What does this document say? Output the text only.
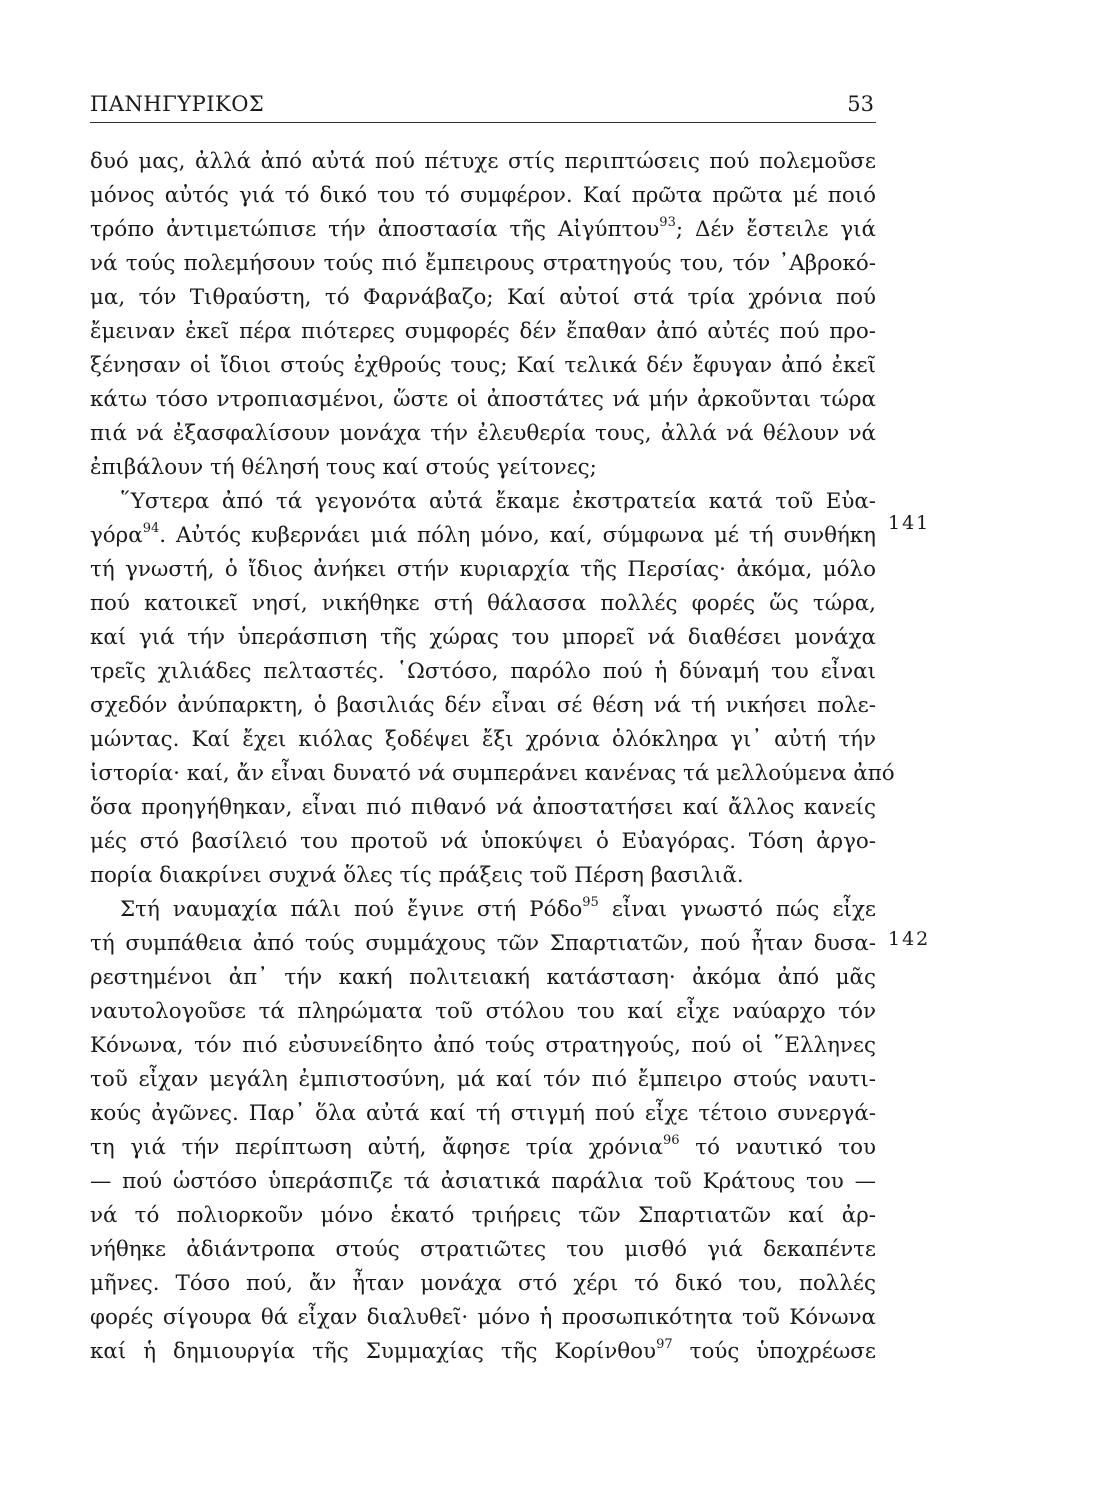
ΠΑΝΗΓΥΡΙΚΟΣ	53
δυό μας, ἀλλά ἀπό αὐτά πού πέτυχε στίς περιπτώσεις πού πολεμοῦσε
μόνος αὐτός γιά τό δικό του τό συμφέρον. Καί πρῶτα πρῶτα μέ ποιό
τρόπο ἀντιμετώπισε τήν ἀποστασία τῆς Αἰγύπτου$^{93}$; Δέν ἔστειλε γιά
νά τούς πολεμήσουν τούς πιό ἔμπειρους στρατηγούς του, τόν ᾿Αβροκό-
μα, τόν Τιθραύστη, τό Φαρνάβαζο; Καί αὐτοί στά τρία χρόνια πού
ἔμειναν ἐκεῖ πέρα πιότερες συμφορές δέν ἔπαθαν ἀπό αὐτές πού προ-
ξένησαν οἱ ἴδιοι στούς ἐχθρούς τους; Καί τελικά δέν ἔφυγαν ἀπό ἐκεῖ
κάτω τόσο ντροπιασμένοι, ὥστε οἱ ἀποστάτες νά μήν ἀρκοῦνται τώρα
πιά νά ἐξασφαλίσουν μονάχα τήν ἐλευθερία τους, ἀλλά νά θέλουν νά
ἐπιβάλουν τή θέλησή τους καί στούς γείτονες;
῞Υστερα ἀπό τά γεγονότα αὐτά ἔκαμε ἐκστρατεία κατά τοῦ Εὐα-
γόρα$^{94}$. Αὐτός κυβερνάει μιά πόλη μόνο, καί, σύμφωνα μέ τή συνθήκη
τή γνωστή, ὁ ἴδιος ἀνήκει στήν κυριαρχία τῆς Περσίας· ἀκόμα, μόλο
πού κατοικεῖ νησί, νικήθηκε στή θάλασσα πολλές φορές ὥς τώρα,
καί γιά τήν ὑπεράσπιση τῆς χώρας του μπορεῖ νά διαθέσει μονάχα
τρεῖς χιλιάδες πελταστές. ῾Ωστόσο, παρόλο πού ἡ δύναμή του εἶναι
σχεδόν ἀνύπαρκτη, ὁ βασιλιάς δέν εἶναι σέ θέση νά τή νικήσει πολε-
μώντας. Καί ἔχει κιόλας ξοδέψει ἔξι χρόνια ὁλόκληρα γι᾿ αὐτή τήν
ἱστορία· καί, ἄν εἶναι δυνατό νά συμπεράνει κανένας τά μελλούμενα ἀπό
ὅσα προηγήθηκαν, εἶναι πιό πιθανό νά ἀποστατήσει καί ἄλλος κανείς
μές στό βασίλειό του προτοῦ νά ὑποκύψει ὁ Εὐαγόρας. Τόση ἀργο-
πορία διακρίνει συχνά ὅλες τίς πράξεις τοῦ Πέρση βασιλιᾶ.
Στή ναυμαχία πάλι πού ἔγινε στή Ρόδο$^{95}$ εἶναι γνωστό πώς εἶχε
τή συμπάθεια ἀπό τούς συμμάχους τῶν Σπαρτιατῶν, πού ἦταν δυσα-
ρεστημένοι ἀπ᾿ τήν κακή πολιτειακή κατάσταση· ἀκόμα ἀπό μᾶς
ναυτολογοῦσε τά πληρώματα τοῦ στόλου του καί εἶχε ναύαρχο τόν
Κόνωνα, τόν πιό εὐσυνείδητο ἀπό τούς στρατηγούς, πού οἱ ῞Ελληνες
τοῦ εἶχαν μεγάλη ἐμπιστοσύνη, μά καί τόν πιό ἔμπειρο στούς ναυτι-
κούς ἀγῶνες. Παρ᾿ ὅλα αὐτά καί τή στιγμή πού εἶχε τέτοιο συνεργά-
τη γιά τήν περίπτωση αὐτή, ἄφησε τρία χρόνια$^{96}$ τό ναυτικό του
— πού ὡστόσο ὑπεράσπιζε τά ἀσιατικά παράλια τοῦ Κράτους του —
νά τό πολιορκοῦν μόνο ἑκατό τριήρεις τῶν Σπαρτιατῶν καί ἀρ-
νήθηκε ἀδιάντροπα στούς στρατιῶτες του μισθό γιά δεκαπέντε
μῆνες. Τόσο πού, ἄν ἦταν μονάχα στό χέρι τό δικό του, πολλές
φορές σίγουρα θά εἶχαν διαλυθεῖ· μόνο ἡ προσωπικότητα τοῦ Κόνωνα
καί ἡ δημιουργία τῆς Συμμαχίας τῆς Κορίνθου$^{97}$ τούς ὑποχρέωσε
141
142
